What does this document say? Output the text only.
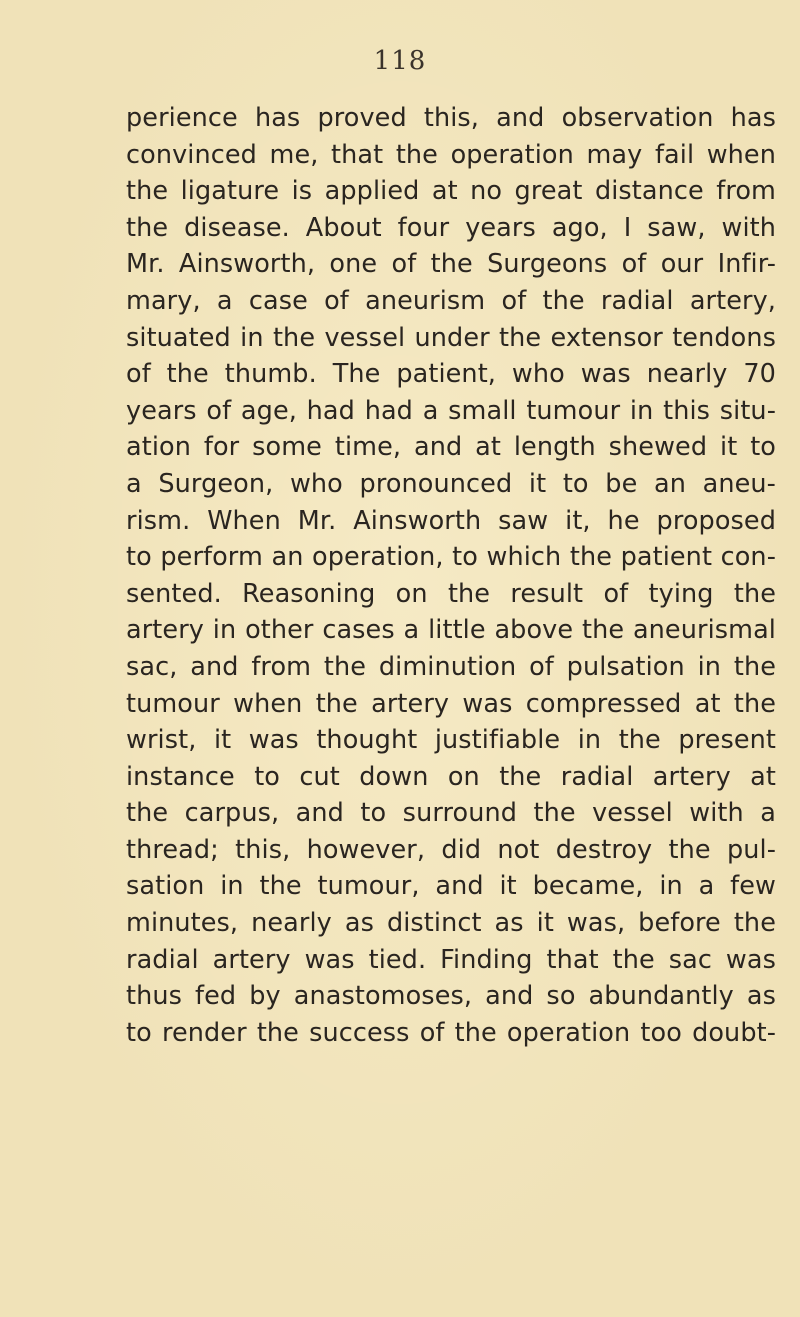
118
perience has proved this, and observation has
convinced me, that the operation may fail when
the ligature is applied at no great distance from
the disease. About four years ago, I saw, with
Mr. Ainsworth, one of the Surgeons of our Infir-
mary, a case of aneurism of the radial artery,
situated in the vessel under the extensor tendons
of the thumb. The patient, who was nearly 70
years of age, had had a small tumour in this situ-
ation for some time, and at length shewed it to
a Surgeon, who pronounced it to be an aneu-
rism. When Mr. Ainsworth saw it, he proposed
to perform an operation, to which the patient con-
sented. Reasoning on the result of tying the
artery in other cases a little above the aneurismal
sac, and from the diminution of pulsation in the
tumour when the artery was compressed at the
wrist, it was thought justifiable in the present
instance to cut down on the radial artery at
the carpus, and to surround the vessel with a
thread; this, however, did not destroy the pul-
sation in the tumour, and it became, in a few
minutes, nearly as distinct as it was, before the
radial artery was tied. Finding that the sac was
thus fed by anastomoses, and so abundantly as
to render the success of the operation too doubt-
